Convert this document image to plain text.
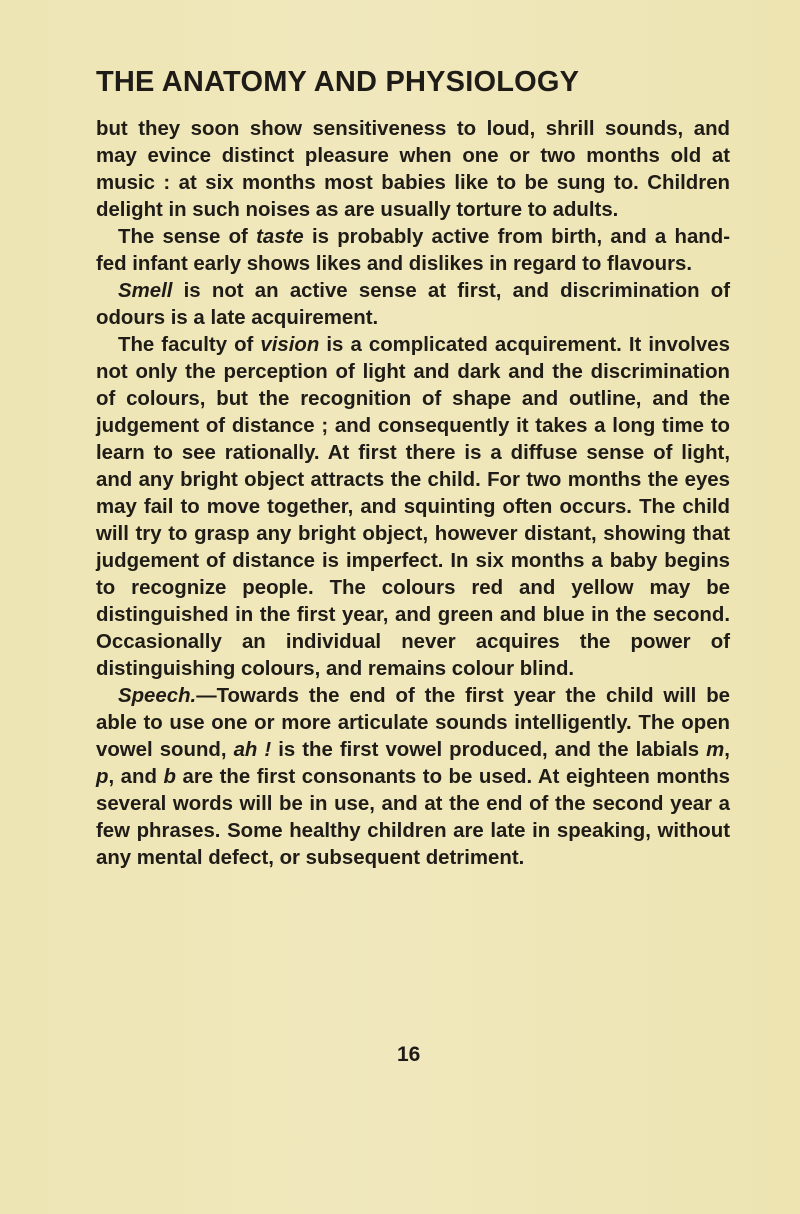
THE ANATOMY AND PHYSIOLOGY

but they soon show sensitiveness to loud, shrill sounds, and may evince distinct pleasure when one or two months old at music : at six months most babies like to be sung to. Children delight in such noises as are usually torture to adults.

The sense of taste is probably active from birth, and a hand-fed infant early shows likes and dislikes in regard to flavours.

Smell is not an active sense at first, and discrimination of odours is a late acquirement.

The faculty of vision is a complicated acquirement. It involves not only the perception of light and dark and the discrimination of colours, but the recognition of shape and outline, and the judgement of distance ; and consequently it takes a long time to learn to see rationally. At first there is a diffuse sense of light, and any bright object attracts the child. For two months the eyes may fail to move together, and squinting often occurs. The child will try to grasp any bright object, however distant, showing that judgement of distance is imperfect. In six months a baby begins to recognize people. The colours red and yellow may be distinguished in the first year, and green and blue in the second. Occasionally an individual never acquires the power of distinguishing colours, and remains colour blind.

Speech.—Towards the end of the first year the child will be able to use one or more articulate sounds intelligently. The open vowel sound, ah ! is the first vowel produced, and the labials m, p, and b are the first consonants to be used. At eighteen months several words will be in use, and at the end of the second year a few phrases. Some healthy children are late in speaking, without any mental defect, or subsequent detriment.

16
